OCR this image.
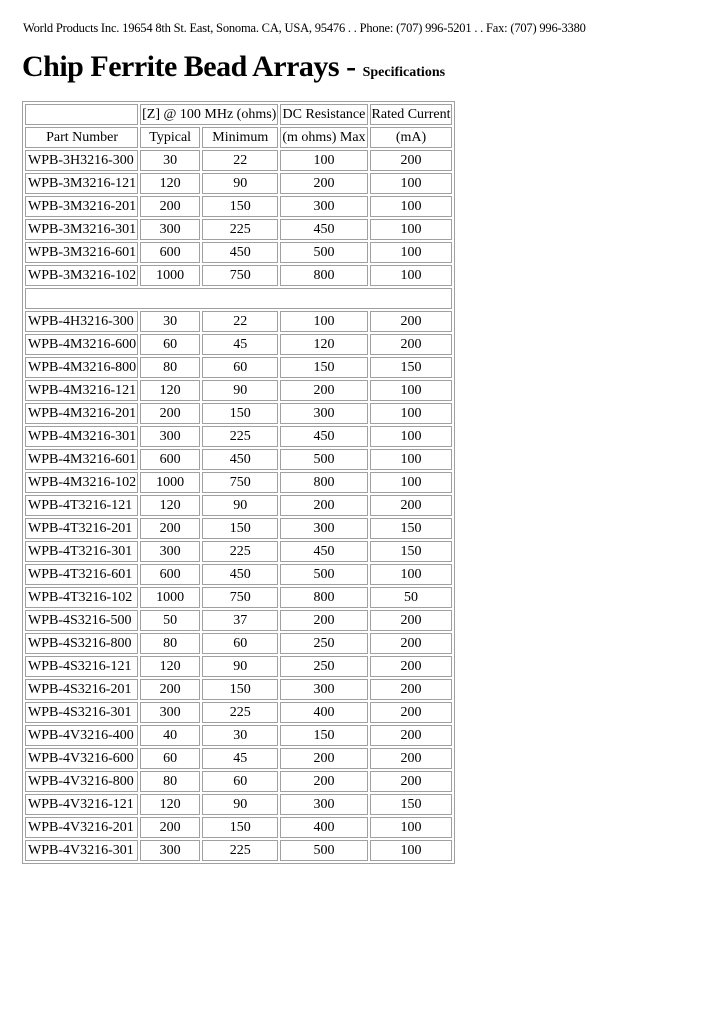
World Products Inc. 19654 8th St. East, Sonoma. CA, USA, 95476 . . Phone: (707) 996-5201 . . Fax: (707) 996-3380
Chip Ferrite Bead Arrays - Specifications
	[Z] @ 100 MHz (ohms)		DC Resistance	Rated Current
Part Number	Typical	Minimum	(m ohms) Max	(mA)
WPB-3H3216-300	30	22	100	200
WPB-3M3216-121	120	90	200	100
WPB-3M3216-201	200	150	300	100
WPB-3M3216-301	300	225	450	100
WPB-3M3216-601	600	450	500	100
WPB-3M3216-102	1000	750	800	100

WPB-4H3216-300	30	22	100	200
WPB-4M3216-600	60	45	120	200
WPB-4M3216-800	80	60	150	150
WPB-4M3216-121	120	90	200	100
WPB-4M3216-201	200	150	300	100
WPB-4M3216-301	300	225	450	100
WPB-4M3216-601	600	450	500	100
WPB-4M3216-102	1000	750	800	100
WPB-4T3216-121	120	90	200	200
WPB-4T3216-201	200	150	300	150
WPB-4T3216-301	300	225	450	150
WPB-4T3216-601	600	450	500	100
WPB-4T3216-102	1000	750	800	50
WPB-4S3216-500	50	37	200	200
WPB-4S3216-800	80	60	250	200
WPB-4S3216-121	120	90	250	200
WPB-4S3216-201	200	150	300	200
WPB-4S3216-301	300	225	400	200
WPB-4V3216-400	40	30	150	200
WPB-4V3216-600	60	45	200	200
WPB-4V3216-800	80	60	200	200
WPB-4V3216-121	120	90	300	150
WPB-4V3216-201	200	150	400	100
WPB-4V3216-301	300	225	500	100
